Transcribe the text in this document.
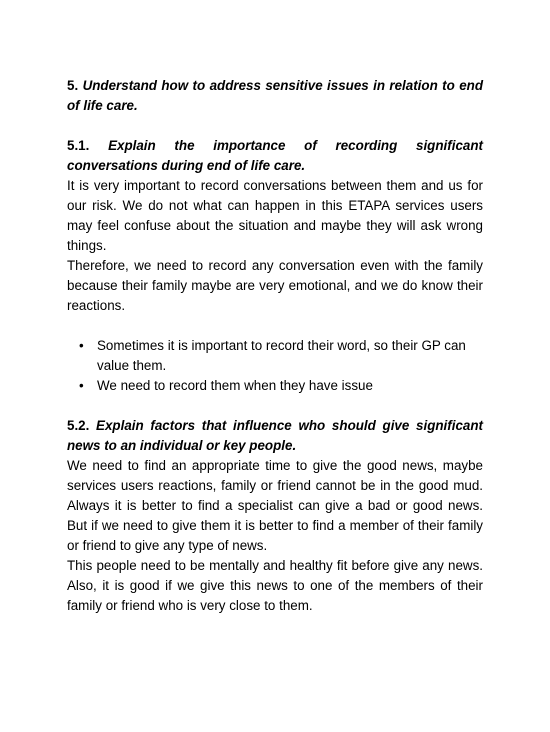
5. Understand how to address sensitive issues in relation to end of life care.
5.1. Explain the importance of recording significant conversations during end of life care.

It is very important to record conversations between them and us for our risk. We do not what can happen in this ETAPA services users may feel confuse about the situation and maybe they will ask wrong things.

Therefore, we need to record any conversation even with the family because their family maybe are very emotional, and we do know their reactions.

• Sometimes it is important to record their word, so their GP can value them.
• We need to record them when they have issue
5.2. Explain factors that influence who should give significant news to an individual or key people.

We need to find an appropriate time to give the good news, maybe services users reactions, family or friend cannot be in the good mud. Always it is better to find a specialist can give a bad or good news. But if we need to give them it is better to find a member of their family or friend to give any type of news.

This people need to be mentally and healthy fit before give any news. Also, it is good if we give this news to one of the members of their family or friend who is very close to them.
